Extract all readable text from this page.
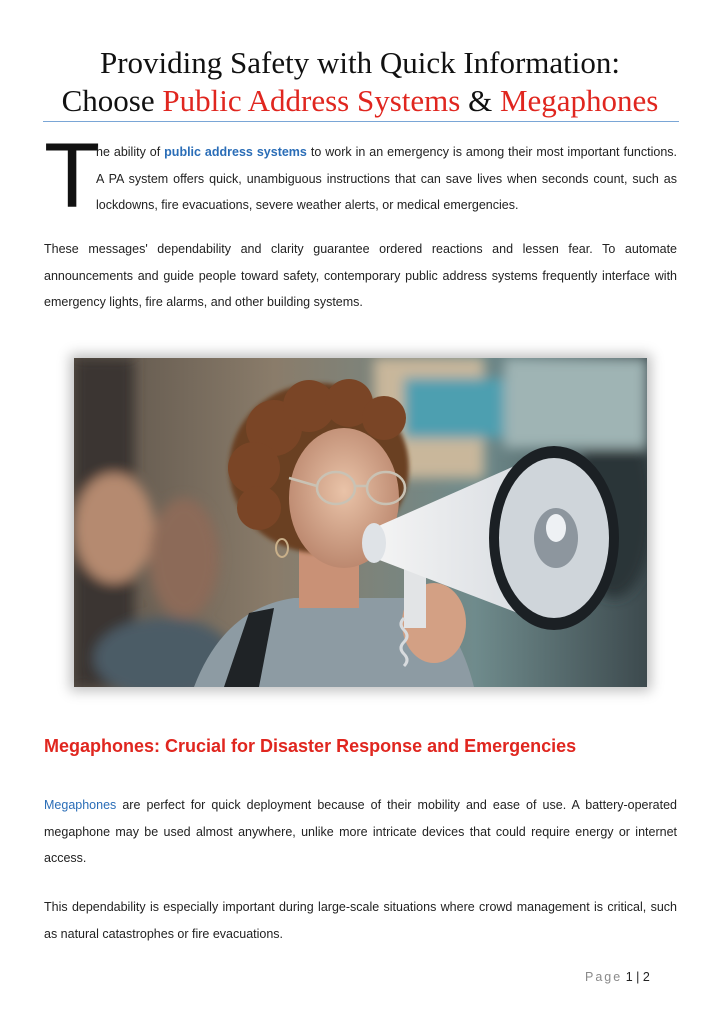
Providing Safety with Quick Information:
Choose Public Address Systems & Megaphones
T
he ability of public address systems to work in an emergency is among their most important functions. A PA system offers quick, unambiguous instructions that can save lives when seconds count, such as lockdowns, fire evacuations, severe weather alerts, or medical emergencies.
These messages' dependability and clarity guarantee ordered reactions and lessen fear. To automate announcements and guide people toward safety, contemporary public address systems frequently interface with emergency lights, fire alarms, and other building systems.
Megaphones: Crucial for Disaster Response and Emergencies
Megaphones are perfect for quick deployment because of their mobility and ease of use. A battery-operated megaphone may be used almost anywhere, unlike more intricate devices that could require energy or internet access.
This dependability is especially important during large-scale situations where crowd management is critical, such as natural catastrophes or fire evacuations.
Page 1 | 2
